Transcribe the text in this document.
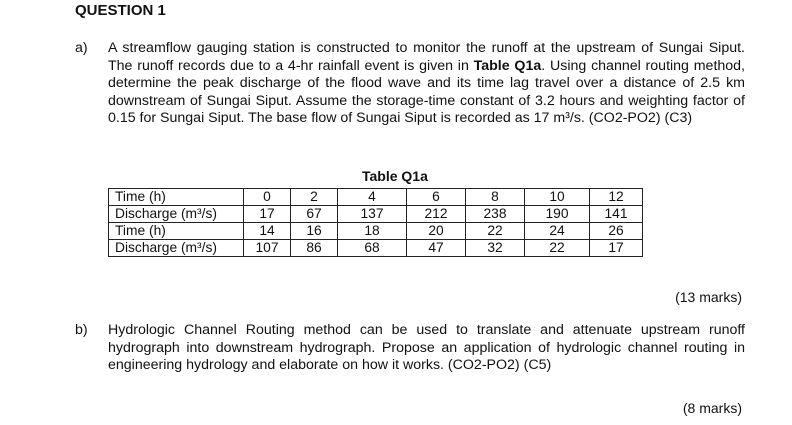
QUESTION 1
a) A streamflow gauging station is constructed to monitor the runoff at the upstream of Sungai Siput. The runoff records due to a 4-hr rainfall event is given in Table Q1a. Using channel routing method, determine the peak discharge of the flood wave and its time lag travel over a distance of 2.5 km downstream of Sungai Siput. Assume the storage-time constant of 3.2 hours and weighting factor of 0.15 for Sungai Siput. The base flow of Sungai Siput is recorded as 17 m³/s. (CO2-PO2) (C3)
Table Q1a
Time (h)	0	2	4	6	8	10	12
Discharge (m³/s)	17	67	137	212	238	190	141
Time (h)	14	16	18	20	22	24	26
Discharge (m³/s)	107	86	68	47	32	22	17
(13 marks)
b) Hydrologic Channel Routing method can be used to translate and attenuate upstream runoff hydrograph into downstream hydrograph. Propose an application of hydrologic channel routing in engineering hydrology and elaborate on how it works. (CO2-PO2) (C5)
(8 marks)
